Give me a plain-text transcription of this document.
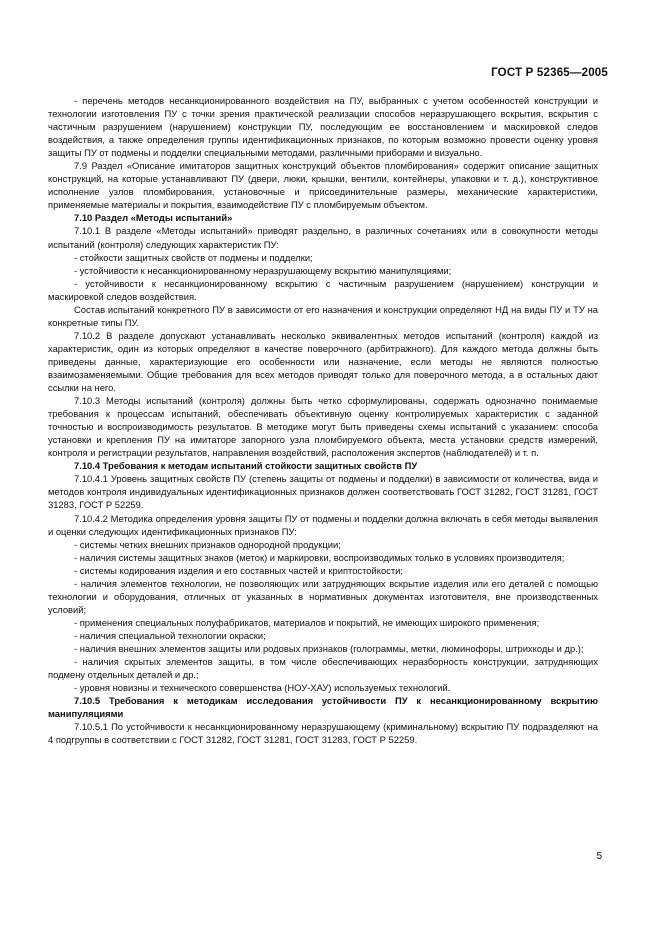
ГОСТ Р 52365—2005

- перечень методов несанкционированного воздействия на ПУ, выбранных с учетом особенностей конструкции и технологии изготовления ПУ с точки зрения практической реализации способов неразрушающего вскрытия, вскрытия с частичным разрушением (нарушением) конструкции ПУ, последующим ее восстановлением и маскировкой следов воздействия, а также определения группы идентификационных признаков, по которым возможно провести оценку уровня защиты ПУ от подмены и подделки специальными методами, различными приборами и визуально.

7.9 Раздел «Описание имитаторов защитных конструкций объектов пломбирования» содержит описание защитных конструкций, на которые устанавливают ПУ (двери, люки, крышки, вентили, контейнеры, упаковки и т. д.), конструктивное исполнение узлов пломбирования, установочные и присоединительные размеры, механические характеристики, применяемые материалы и покрытия, взаимодействие ПУ с пломбируемым объектом.

7.10 Раздел «Методы испытаний»

7.10.1 В разделе «Методы испытаний» приводят раздельно, в различных сочетаниях или в совокупности методы испытаний (контроля) следующих характеристик ПУ:

- стойкости защитных свойств от подмены и подделки;

- устойчивости к несанкционированному неразрушающему вскрытию манипуляциями;

- устойчивости к несанкционированному вскрытию с частичным разрушением (нарушением) конструкции и маскировкой следов воздействия.

Состав испытаний конкретного ПУ в зависимости от его назначения и конструкции определяют НД на виды ПУ и ТУ на конкретные типы ПУ.

7.10.2 В разделе допускают устанавливать несколько эквивалентных методов испытаний (контроля) каждой из характеристик, один из которых определяют в качестве поверочного (арбитражного). Для каждого метода должны быть приведены данные, характеризующие его особенности или назначение, если методы не являются полностью взаимозаменяемыми. Общие требования для всех методов приводят только для поверочного метода, а в остальных дают ссылки на него.

7.10.3 Методы испытаний (контроля) должны быть четко сформулированы, содержать однозначно понимаемые требования к процессам испытаний, обеспечивать объективную оценку контролируемых характеристик с заданной точностью и воспроизводимость результатов. В методике могут быть приведены схемы испытаний с указанием: способа установки и крепления ПУ на имитаторе запорного узла пломбируемого объекта, места установки средств измерений, контроля и регистрации результатов, направления воздействий, расположения экспертов (наблюдателей) и т. п.

7.10.4 Требования к методам испытаний стойкости защитных свойств ПУ

7.10.4.1 Уровень защитных свойств ПУ (степень защиты от подмены и подделки) в зависимости от количества, вида и методов контроля индивидуальных идентификационных признаков должен соответствовать ГОСТ 31282, ГОСТ 31281, ГОСТ 31283, ГОСТ Р 52259.

7.10.4.2 Методика определения уровня защиты ПУ от подмены и подделки должна включать в себя методы выявления и оценки следующих идентификационных признаков ПУ:

- системы четких внешних признаков однородной продукции;

- наличия системы защитных знаков (меток) и маркировки, воспроизводимых только в условиях производителя;

- системы кодирования изделия и его составных частей и криптостойкости;

- наличия элементов технологии, не позволяющих или затрудняющих вскрытие изделия или его деталей с помощью технологии и оборудования, отличных от указанных в нормативных документах изготовителя, вне производственных условий;

- применения специальных полуфабрикатов, материалов и покрытий, не имеющих широкого применения;

- наличия специальной технологии окраски;

- наличия внешних элементов защиты или родовых признаков (голограммы, метки, люминофоры, штрихкоды и др.);

- наличия скрытых элементов защиты, в том числе обеспечивающих неразборность конструкции, затрудняющих подмену отдельных деталей и др.;

- уровня новизны и технического совершенства (НОУ-ХАУ) используемых технологий.

7.10.5 Требования к методикам исследования устойчивости ПУ к несанкционированному вскрытию манипуляциями

7.10.5.1 По устойчивости к несанкционированному неразрушающему (криминальному) вскрытию ПУ подразделяют на 4 подгруппы в соответствии с ГОСТ 31282, ГОСТ 31281, ГОСТ 31283, ГОСТ Р 52259.

5
